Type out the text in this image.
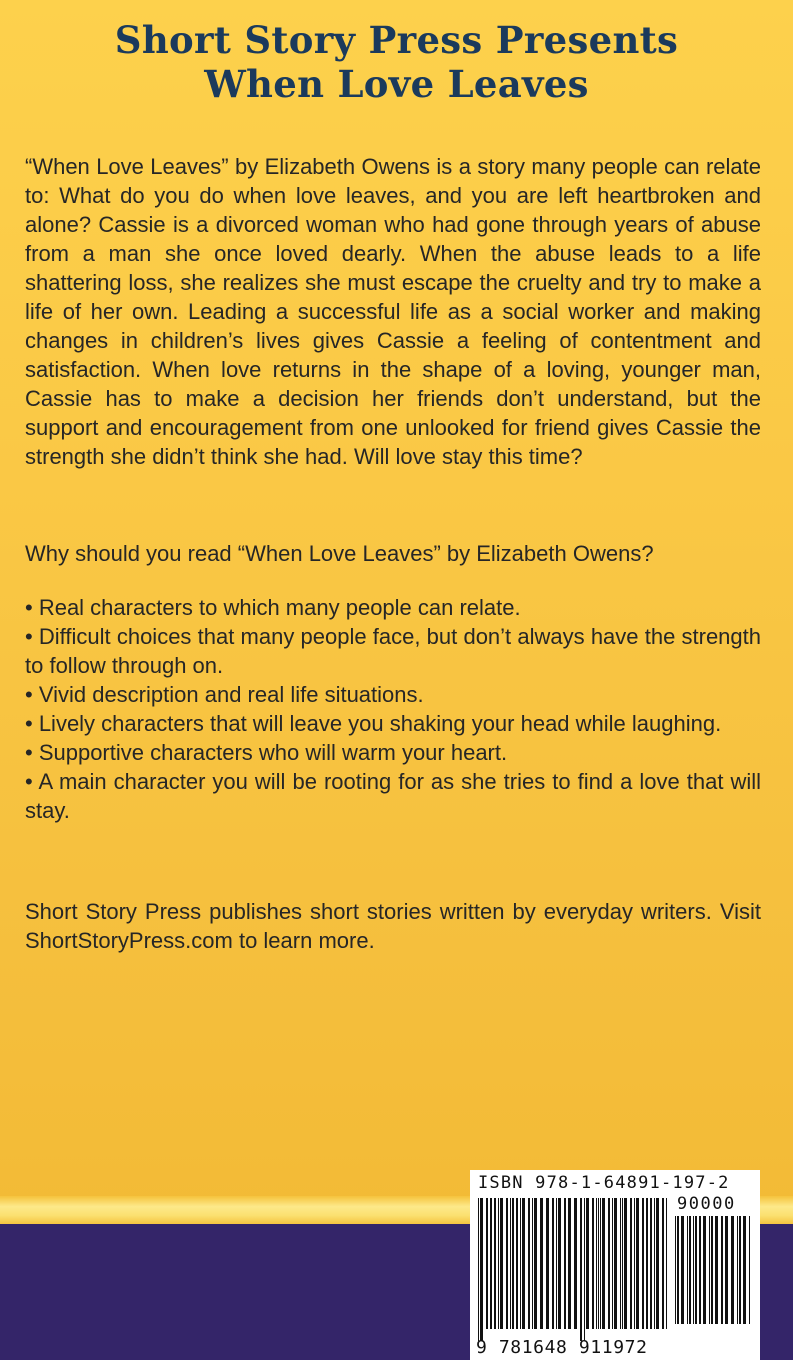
Short Story Press Presents
When Love Leaves
“When Love Leaves” by Elizabeth Owens is a story many people can relate to: What do you do when love leaves, and you are left heartbroken and alone? Cassie is a divorced woman who had gone through years of abuse from a man she once loved dearly. When the abuse leads to a life shattering loss, she realizes she must escape the cruelty and try to make a life of her own. Leading a successful life as a social worker and making changes in children’s lives gives Cassie a feeling of contentment and satisfaction. When love returns in the shape of a loving, younger man, Cassie has to make a decision her friends don’t understand, but the support and encouragement from one unlooked for friend gives Cassie the strength she didn’t think she had. Will love stay this time?
Why should you read “When Love Leaves” by Elizabeth Owens?
• Real characters to which many people can relate.
• Difficult choices that many people face, but don’t always have the strength to follow through on.
• Vivid description and real life situations.
• Lively characters that will leave you shaking your head while laughing.
• Supportive characters who will warm your heart.
• A main character you will be rooting for as she tries to find a love that will stay.
Short Story Press publishes short stories written by everyday writers. Visit ShortStoryPress.com to learn more.
ISBN 978-1-64891-197-2
90000
9 781648 911972
